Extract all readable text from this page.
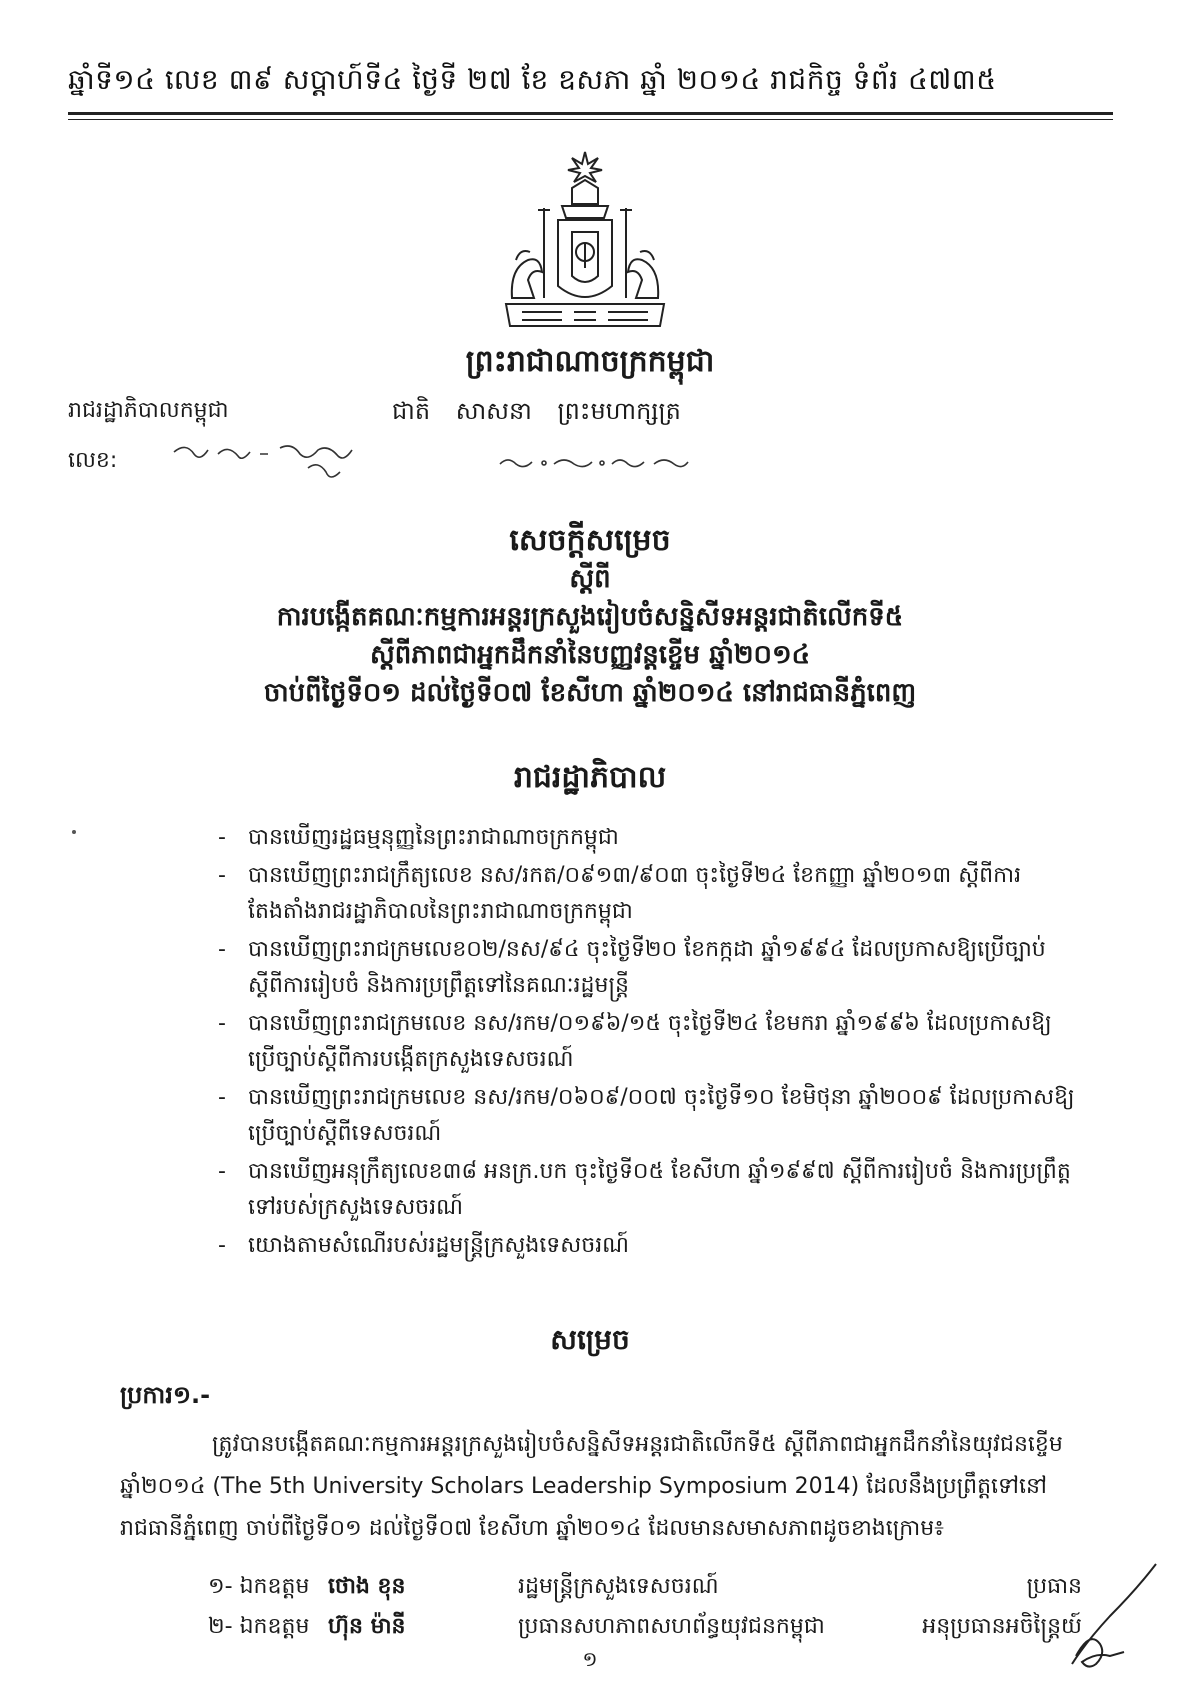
ឆ្នាំទី១៤ លេខ ៣៩ សប្តាហ៍ទី៤ ថ្ងៃទី ២៧ ខែ ឧសភា ឆ្នាំ ២០១៤ រាជកិច្ច ទំព័រ ៤៧៣៥
ព្រះរាជាណាចក្រកម្ពុជា
រាជរដ្ឋាភិបាលកម្ពុជា
លេខ:
ជាតិ សាសនា ព្រះមហាក្សត្រ
សេចក្តីសម្រេច
ស្តីពី
ការបង្កើតគណៈកម្មការអន្តរក្រសួងរៀបចំសន្និសីទអន្តរជាតិលើកទី៥
ស្តីពីភាពជាអ្នកដឹកនាំនៃបញ្ញវន្តខ្ចើម ឆ្នាំ២០១៤
ចាប់ពីថ្ងៃទី០១ ដល់ថ្ងៃទី០៧ ខែសីហា ឆ្នាំ២០១៤ នៅរាជធានីភ្នំពេញ
រាជរដ្ឋាភិបាល
-	បានឃើញរដ្ឋធម្មនុញ្ញនៃព្រះរាជាណាចក្រកម្ពុជា
-	បានឃើញព្រះរាជក្រឹត្យលេខ នស/រកត/០៩១៣/៩០៣ ចុះថ្ងៃទី២៤ ខែកញ្ញា ឆ្នាំ២០១៣ ស្តីពីការតែងតាំងរាជរដ្ឋាភិបាលនៃព្រះរាជាណាចក្រកម្ពុជា
-	បានឃើញព្រះរាជក្រមលេខ០២/នស/៩៤ ចុះថ្ងៃទី២០ ខែកក្កដា ឆ្នាំ១៩៩៤ ដែលប្រកាសឱ្យប្រើច្បាប់ស្តីពីការរៀបចំ និងការប្រព្រឹត្តទៅនៃគណៈរដ្ឋមន្ត្រី
-	បានឃើញព្រះរាជក្រមលេខ នស/រកម/០១៩៦/១៥ ចុះថ្ងៃទី២៤ ខែមករា ឆ្នាំ១៩៩៦ ដែលប្រកាសឱ្យប្រើច្បាប់ស្តីពីការបង្កើតក្រសួងទេសចរណ៍
-	បានឃើញព្រះរាជក្រមលេខ នស/រកម/០៦០៩/០០៧ ចុះថ្ងៃទី១០ ខែមិថុនា ឆ្នាំ២០០៩ ដែលប្រកាសឱ្យប្រើច្បាប់ស្តីពីទេសចរណ៍
-	បានឃើញអនុក្រឹត្យលេខ៣៨ អនក្រ.បក ចុះថ្ងៃទី០៥ ខែសីហា ឆ្នាំ១៩៩៧ ស្តីពីការរៀបចំ និងការប្រព្រឹត្តទៅរបស់ក្រសួងទេសចរណ៍
-	យោងតាមសំណើរបស់រដ្ឋមន្ត្រីក្រសួងទេសចរណ៍
សម្រេច
ប្រការ១.-
ត្រូវបានបង្កើតគណៈកម្មការអន្តរក្រសួងរៀបចំសន្និសីទអន្តរជាតិលើកទី៥ ស្តីពីភាពជាអ្នកដឹកនាំនៃយុវជនខ្ចើម ឆ្នាំ២០១៤ (The 5th University Scholars Leadership Symposium 2014) ដែលនឹងប្រព្រឹត្តទៅនៅរាជធានីភ្នំពេញ ចាប់ពីថ្ងៃទី០១ ដល់ថ្ងៃទី០៧ ខែសីហា ឆ្នាំ២០១៤ ដែលមានសមាសភាពដូចខាងក្រោម៖
១- ឯកឧត្តម ថោង ខុន	រដ្ឋមន្ត្រីក្រសួងទេសចរណ៍	ប្រធាន
២- ឯកឧត្តម ហ៊ុន ម៉ានី	ប្រធានសហភាពសហព័ន្ធយុវជនកម្ពុជា	អនុប្រធានអចិន្ត្រៃយ៍
១
